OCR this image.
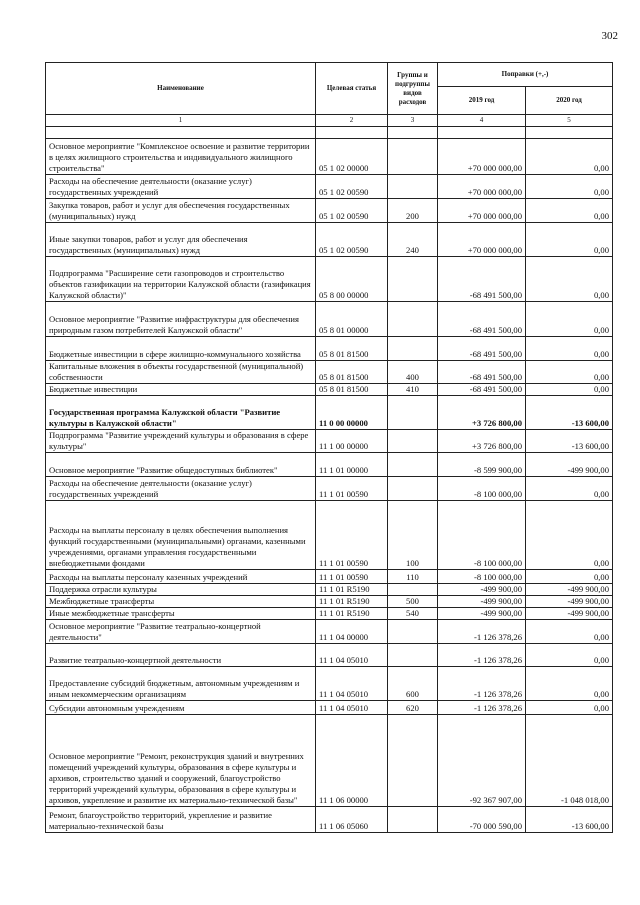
302
Наименование	Целевая статья	Группы и подгруппы видов расходов	Поправки (+,-)	
			2019 год	2020 год
1	2	3	4	5

Основное мероприятие "Комплексное освоение и развитие территории в целях жилищного строительства и индивидуального жилищного строительства"	05 1 02 00000		+70 000 000,00	0,00
Расходы на обеспечение деятельности (оказание услуг) государственных учреждений	05 1 02 00590		+70 000 000,00	0,00
Закупка товаров, работ и услуг для обеспечения государственных (муниципальных) нужд	05 1 02 00590	200	+70 000 000,00	0,00
Иные закупки товаров, работ и услуг для обеспечения государственных (муниципальных) нужд	05 1 02 00590	240	+70 000 000,00	0,00
Подпрограмма "Расширение сети газопроводов и строительство объектов газификации на территории Калужской области (газификация Калужской области)"	05 8 00 00000		-68 491 500,00	0,00
Основное мероприятие "Развитие инфраструктуры для обеспечения природным газом потребителей Калужской области"	05 8 01 00000		-68 491 500,00	0,00
Бюджетные инвестиции в сфере жилищно-коммунального хозяйства	05 8 01 81500		-68 491 500,00	0,00
Капитальные вложения в объекты государственной (муниципальной) собственности	05 8 01 81500	400	-68 491 500,00	0,00
Бюджетные инвестиции	05 8 01 81500	410	-68 491 500,00	0,00
Государственная программа Калужской области "Развитие культуры в Калужской области"	11 0 00 00000		+3 726 800,00	-13 600,00
Подпрограмма "Развитие учреждений культуры и образования в сфере культуры"	11 1 00 00000		+3 726 800,00	-13 600,00
Основное мероприятие "Развитие общедоступных библиотек"	11 1 01 00000		-8 599 900,00	-499 900,00
Расходы на обеспечение деятельности (оказание услуг) государственных учреждений	11 1 01 00590		-8 100 000,00	0,00
Расходы на выплаты персоналу в целях обеспечения выполнения функций государственными (муниципальными) органами, казенными учреждениями, органами управления государственными внебюджетными фондами	11 1 01 00590	100	-8 100 000,00	0,00
Расходы на выплаты персоналу казенных учреждений	11 1 01 00590	110	-8 100 000,00	0,00
Поддержка отрасли культуры	11 1 01 R5190		-499 900,00	-499 900,00
Межбюджетные трансферты	11 1 01 R5190	500	-499 900,00	-499 900,00
Иные межбюджетные трансферты	11 1 01 R5190	540	-499 900,00	-499 900,00
Основное мероприятие "Развитие театрально-концертной деятельности"	11 1 04 00000		-1 126 378,26	0,00
Развитие театрально-концертной деятельности	11 1 04 05010		-1 126 378,26	0,00
Предоставление субсидий бюджетным, автономным учреждениям и иным некоммерческим организациям	11 1 04 05010	600	-1 126 378,26	0,00
Субсидии автономным учреждениям	11 1 04 05010	620	-1 126 378,26	0,00
Основное мероприятие "Ремонт, реконструкция зданий и внутренних помещений учреждений культуры, образования в сфере культуры и архивов, строительство зданий и сооружений, благоустройство территорий учреждений культуры, образования в сфере культуры и архивов, укрепление и развитие их материально-технической базы"	11 1 06 00000		-92 367 907,00	-1 048 018,00
Ремонт, благоустройство территорий, укрепление и развитие материально-технической базы	11 1 06 05060		-70 000 590,00	-13 600,00
